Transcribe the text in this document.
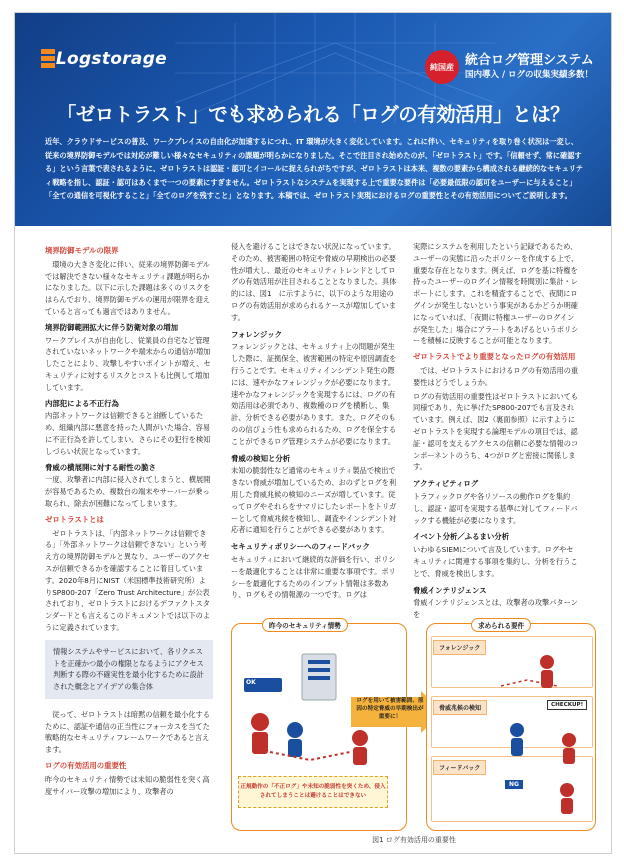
Logstorage	純国産 統合ログ管理システム
国内導入 / ログの収集実績多数！
「ゼロトラスト」でも求められる「ログの有効活用」とは？
近年、クラウドサービスの普及、ワークプレイスの自由化が加速するにつれ、IT 環境が大きく変化しています。これに伴い、セキュリティを取り巻く状況は一変し、従来の境界防御モデルでは対応が難しい様々なセキュリティの課題が明らかになりました。そこで注目され始めたのが、「ゼロトラスト」です。「信頼せず、常に確認する」という言葉で表されるように、ゼロトラストは認証・認可とイコールに捉えられがちですが、ゼロトラストは本来、複数の要素から構成される継続的なセキュリティ戦略を指し、認証・認可はあくまで一つの要素にすぎません。ゼロトラストなシステムを実現する上で重要な要件は「必要最低限の認可をユーザーに与えること」「全ての通信を可視化すること」「全てのログを残すこと」となります。本稿では、ゼロトラスト実現におけるログの重要性とその有効活用についてご説明します。
境界防御モデルの限界

環境の大きさ変化に伴い、従来の境界防御モデルでは解決できない様々なセキュリティ課題が明らかになりました。以下に示した課題は多くのリスクをはらんでおり、境界防御モデルの運用が限界を迎えていると言っても過言ではありません。

境界防御範囲拡大に伴う防衛対象の増加

ワークプレイスが自由化し、従業員の自宅など管理されていないネットワークや端末からの通信が増加したことにより、攻撃しやすいポイントが増え、セキュリティに対するリスクとコストも比例して増加しています。

内部犯による不正行為

内部ネットワークは信頼できると油断しているため、組織内部に悪意を持った人間がいた場合、容易に不正行為を許してしまい、さらにその犯行を検知しづらい状況となっています。

脅威の横展開に対する耐性の脆さ

一度、攻撃者に内部に侵入されてしまうと、横展開が容易であるため、複数台の端末やサーバーが乗っ取られ、除去が困難になってしまいます。

ゼロトラストとは

ゼロトラストは、「内部ネットワークは信頼できる」「外部ネットワークは信頼できない」という考え方の境界防御モデルと異なり、ユーザーのアクセスが信頼できるかを確認することに着目しています。2020年8月にNIST（米国標準技術研究所）よりSP800-207「Zero Trust Architecture」が公表されており、ゼロトラストにおけるデファクトスタンダードとも言えるこのドキュメントでは以下のように定義されています。

情報システムやサービスにおいて、各リクエストを正確かつ最小の権限となるようにアクセス判断する際の不確実性を最小化するために設計された概念とアイデアの集合体

従って、ゼロトラストは暗黙の信頼を最小化するために、認証や通信の正当性にフォーカスを当てた戦略的なセキュリティフレームワークであると言えます。

ログの有効活用の重要性

昨今のセキュリティ情勢では未知の脆弱性を突く高度サイバー攻撃の増加により、攻撃者の

侵入を避けることはできない状況になっています。そのため、被害範囲の特定や脅威の早期検出の必要性が増大し、最近のセキュリティトレンドとしてログの有効活用が注目されることとなりました。具体的には、図1　に示すように、以下のような用途のログの有効活用が求められるケースが増加しています。

フォレンジック

フォレンジックとは、セキュリティ上の問題が発生した際に、証拠保全、被害範囲の特定や原因調査を行うことです。セキュリティインシデント発生の際には、速やかなフォレンジックが必要になります。速やかなフォレンジックを実現するには、ログの有効活用は必須であり、複数種のログを横断し、集計、分析できる必要があります。また、ログそのものの信ぴょう性も求められるため、ログを保全することができるログ管理システムが必要になります。

脅威の検知と分析

未知の脆弱性など通常のセキュリティ製品で検出できない脅威が増加しているため、おのずとログを利用した脅威兆候の検知のニーズが増しています。従ってログやそれらをサマリにしたレポートをトリガーとして脅威兆候を検知し、調査やインシデント対応者に通知を行うことができる必要があります。

セキュリティポリシーへのフィードバック

セキュリティにおいて継続的な評価を行い、ポリシーを最適化することは非常に重要な事項です。ポリシーを最適化するためのインプット情報は多数あり、ログもその情報源の一つです。ログは

実際にシステムを利用したという記録であるため、ユーザーの実態に沿ったポリシーを作成する上で、重要な存在となります。例えば、ログを基に特権を持ったユーザーのログイン情報を時間別に集計・レポートにします。これを精査することで、夜間にログインが発生しないという事実があるかどうか明確になっていれば、「夜間に特権ユーザーのログインが発生した」場合にアラートをあげるというポリシーを積極に反映することが可能となります。

ゼロトラストでより重要となったログの有効活用

では、ゼロトラストにおけるログの有効活用の重要性はどうでしょうか。

ログの有効活用の重要性はゼロトラストにおいても同様であり、先に挙げたSP800-207でも言及されています。例えば、図2（裏面参照）に示すようにゼロトラストを実現する論理モデルの項目では、認証・認可を支えるアクセスの信頼に必要な情報のコンポーネントのうち、4つがログと密接に関係します。

アクティビティログ

トラフィックログや各リソースの動作ログを集約し、認証・認可を実現する基準に対してフィードバックする機能が必要になります。

イベント分析／ふるまい分析

いわゆるSIEMについて言及しています。ログやセキュリティに関連する事項を集約し、分析を行うことで、脅威を検出します。

脅威インテリジェンス

脅威インテリジェンスとは、攻撃者の攻撃パターンを

昨今のセキュリティ情勢
OK
正規動作の「不正ログ」や未知の脆弱性を突くため、侵入されてしまうことは避けることはできない
ログを用いて被害範囲、原因の特定脅威の早期検出が重要に！
求められる要件
フォレンジック
脅威兆候の検知	CHECKUP!
フィードバック
NG
図1 ログ有効活用の重要性
